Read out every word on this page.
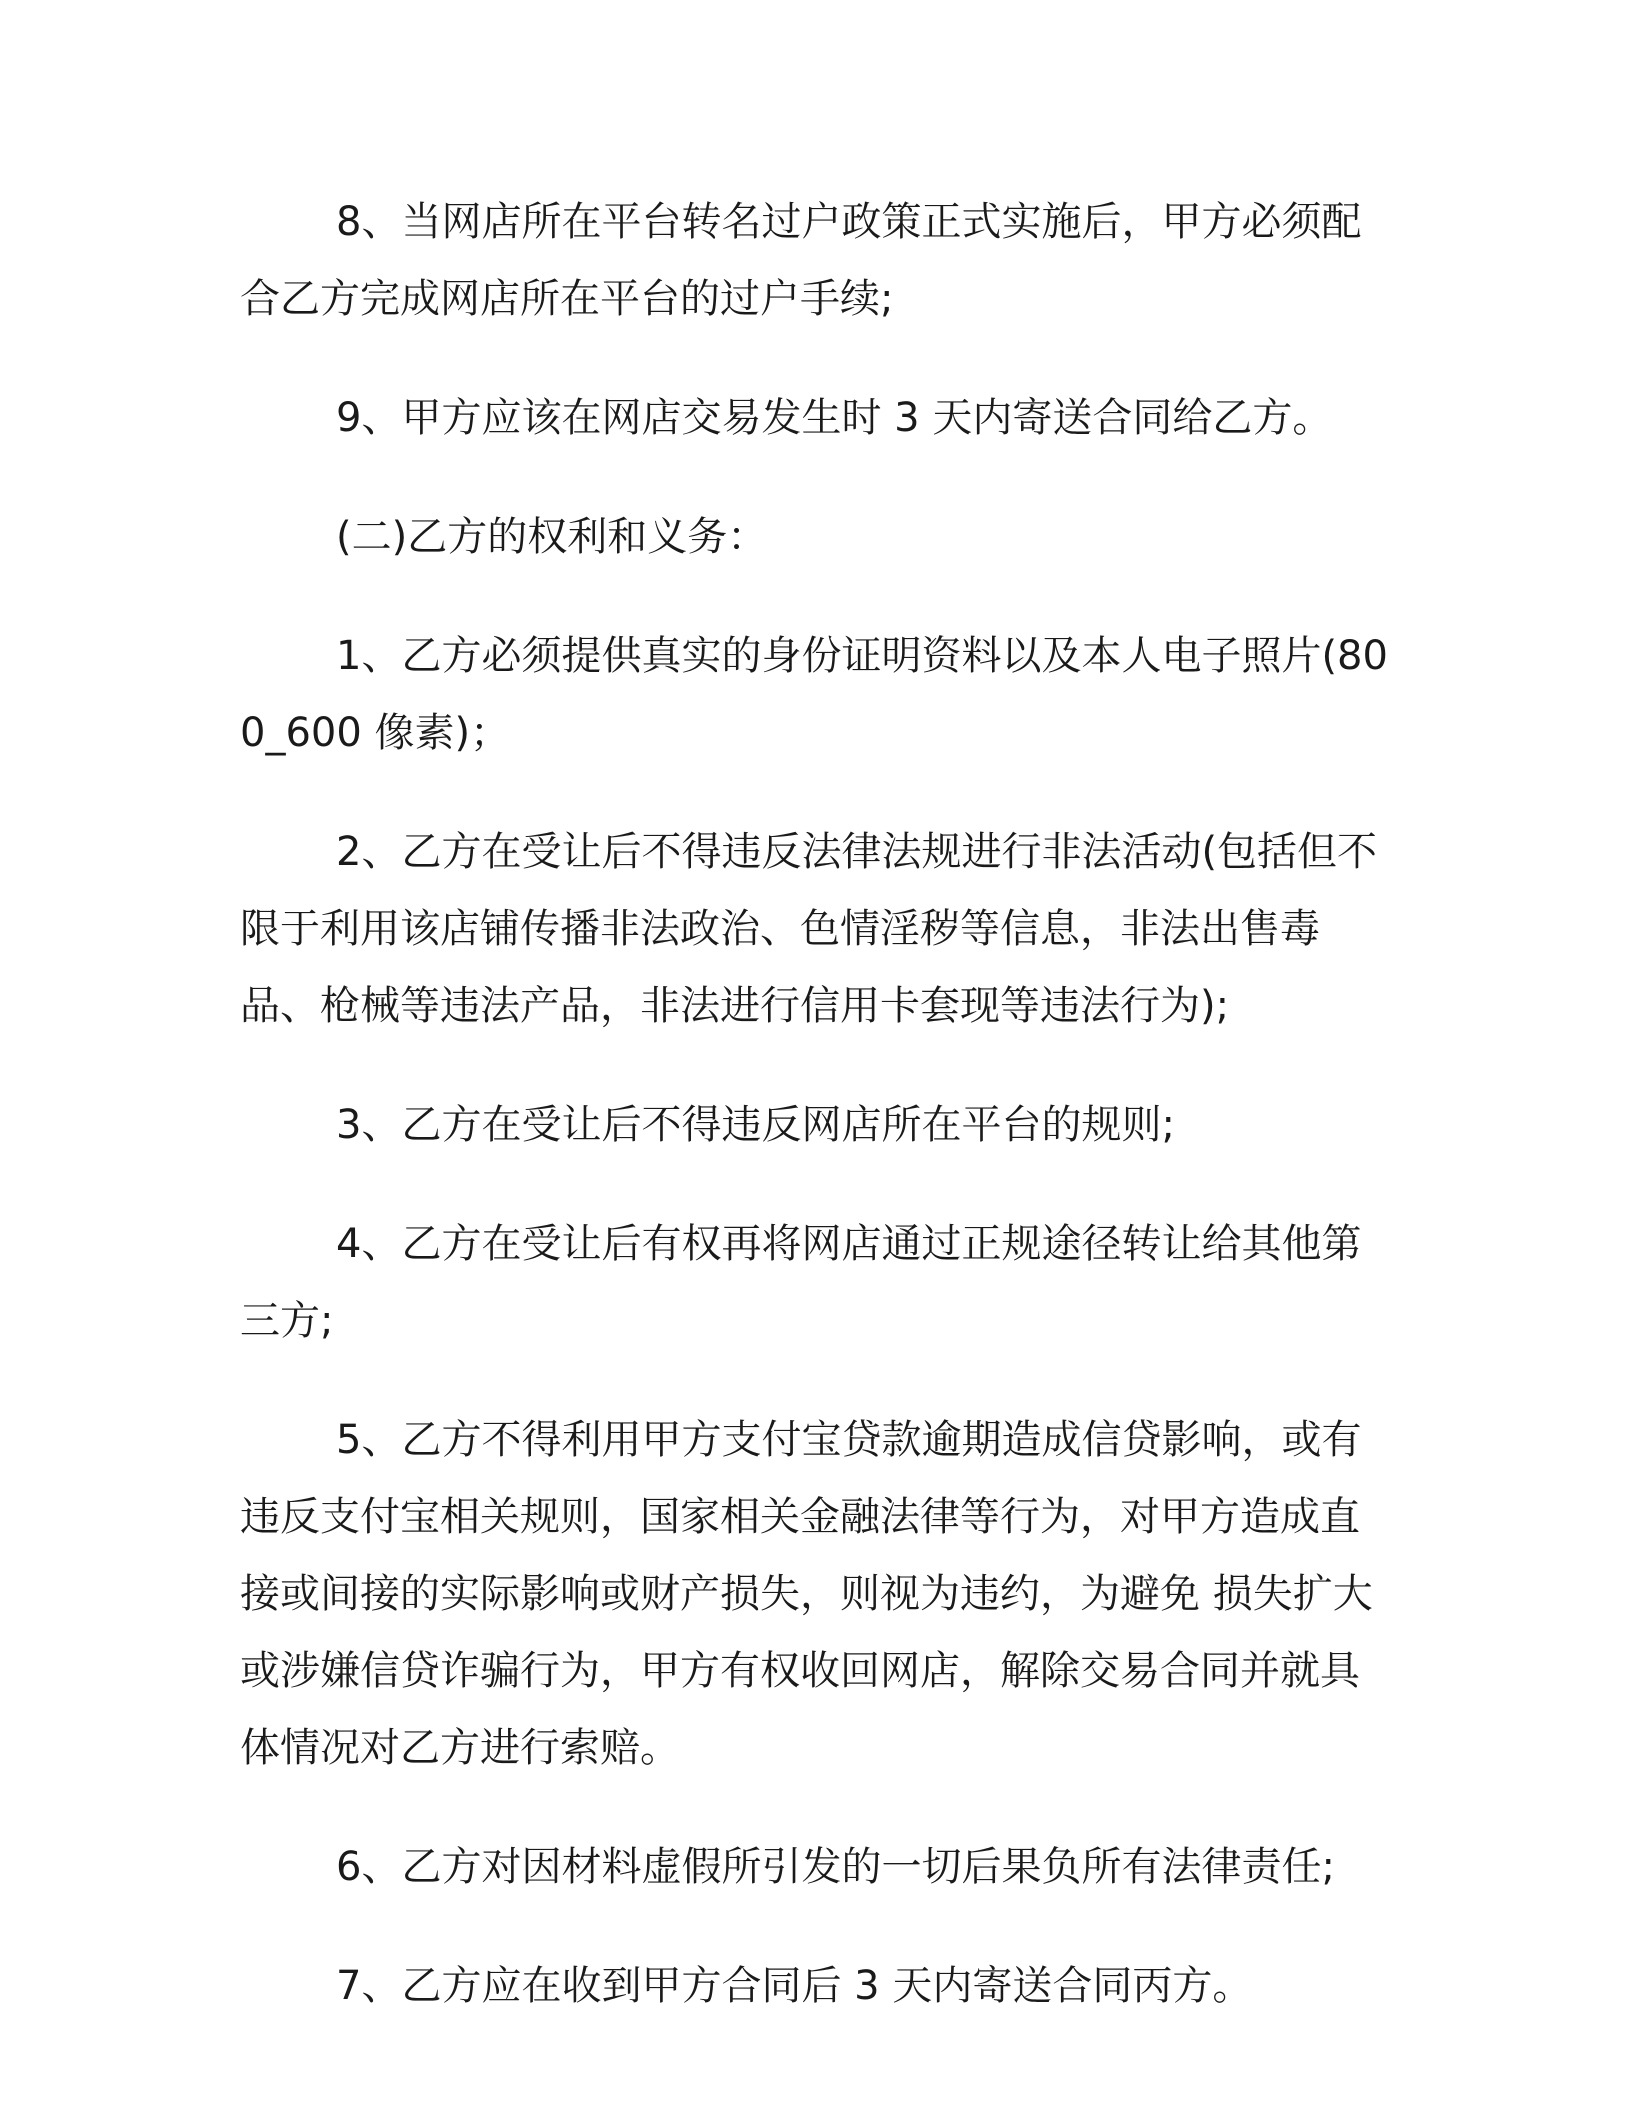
8、当网店所在平台转名过户政策正式实施后，甲方必须配合乙方完成网店所在平台的过户手续;

9、甲方应该在网店交易发生时 3 天内寄送合同给乙方。

(二)乙方的权利和义务：

1、乙方必须提供真实的身份证明资料以及本人电子照片(800_600 像素)；

2、乙方在受让后不得违反法律法规进行非法活动(包括但不限于利用该店铺传播非法政治、色情淫秽等信息，非法出售毒品、枪械等违法产品，非法进行信用卡套现等违法行为);

3、乙方在受让后不得违反网店所在平台的规则;

4、乙方在受让后有权再将网店通过正规途径转让给其他第三方;

5、乙方不得利用甲方支付宝贷款逾期造成信贷影响，或有违反支付宝相关规则，国家相关金融法律等行为，对甲方造成直接或间接的实际影响或财产损失，则视为违约，为避免 损失扩大或涉嫌信贷诈骗行为，甲方有权收回网店，解除交易合同并就具体情况对乙方进行索赔。

6、乙方对因材料虚假所引发的一切后果负所有法律责任;

7、乙方应在收到甲方合同后 3 天内寄送合同丙方。
